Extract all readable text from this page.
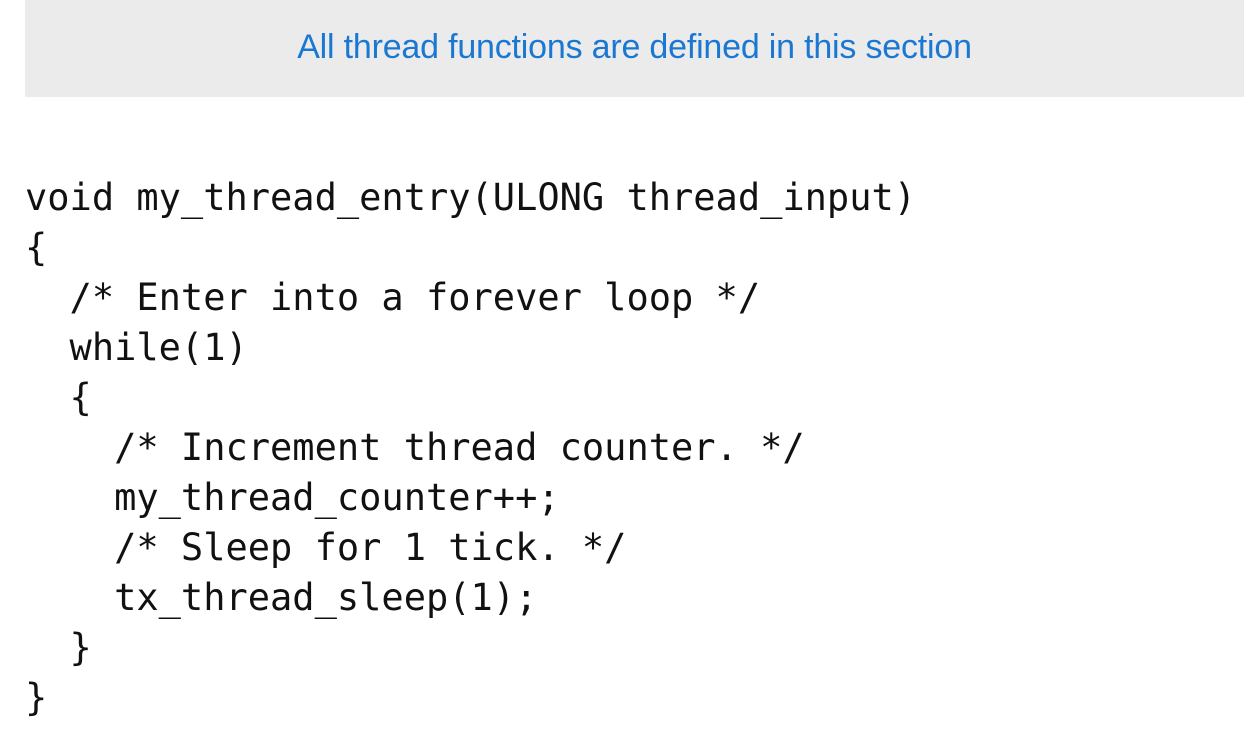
All thread functions are defined in this section
void my_thread_entry(ULONG thread_input)
{
/* Enter into a forever loop */
while(1)
{
/* Increment thread counter. */
my_thread_counter++;
/* Sleep for 1 tick. */
tx_thread_sleep(1);
}
}
